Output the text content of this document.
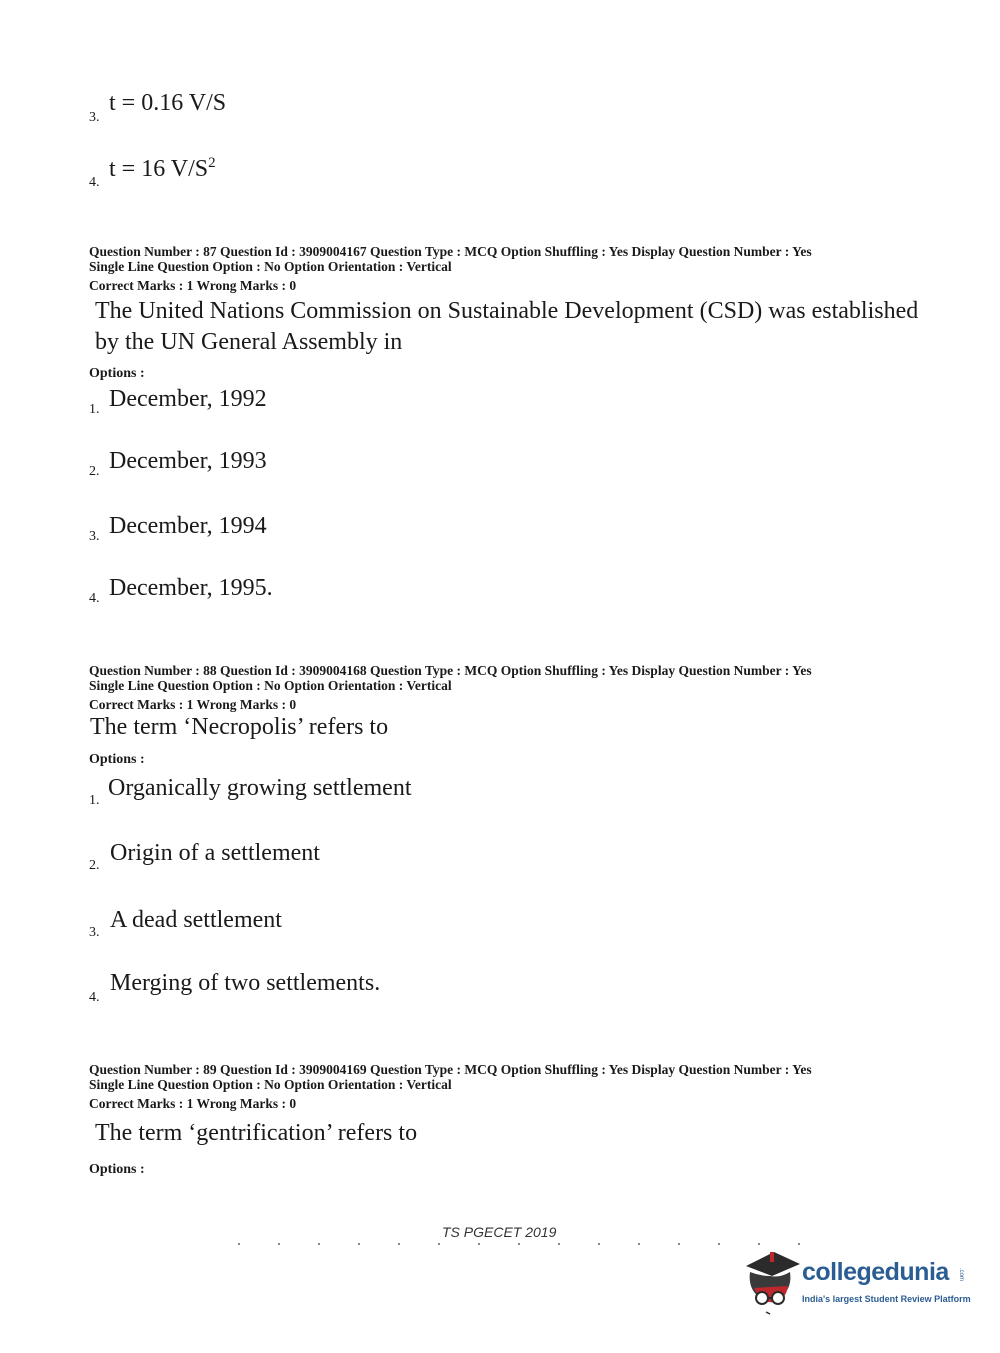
3.
t = 0.16 V/S
4.
t = 16 $V/S^2$
Question Number : 87 Question Id : 3909004167 Question Type : MCQ Option Shuffling : Yes Display Question Number : Yes
Single Line Question Option : No Option Orientation : Vertical
Correct Marks : 1 Wrong Marks : 0
The United Nations Commission on Sustainable Development (CSD) was established
by the UN General Assembly in
Options :
1. December, 1992
2. December, 1993
3. December, 1994
4. December, 1995.
Question Number : 88 Question Id : 3909004168 Question Type : MCQ Option Shuffling : Yes Display Question Number : Yes
Single Line Question Option : No Option Orientation : Vertical
Correct Marks : 1 Wrong Marks : 0
The term ‘Necropolis’ refers to
Options :
1. Organically growing settlement
2. Origin of a settlement
3. A dead settlement
4.
Merging of two settlements.
Question Number : 89 Question Id : 3909004169 Question Type : MCQ Option Shuffling : Yes Display Question Number : Yes
Single Line Question Option : No Option Orientation : Vertical
Correct Marks : 1 Wrong Marks : 0
The term ‘gentrification’ refers to
Options :
TS PGECET 2019
collegedunia .com
India's largest Student Review Platform
